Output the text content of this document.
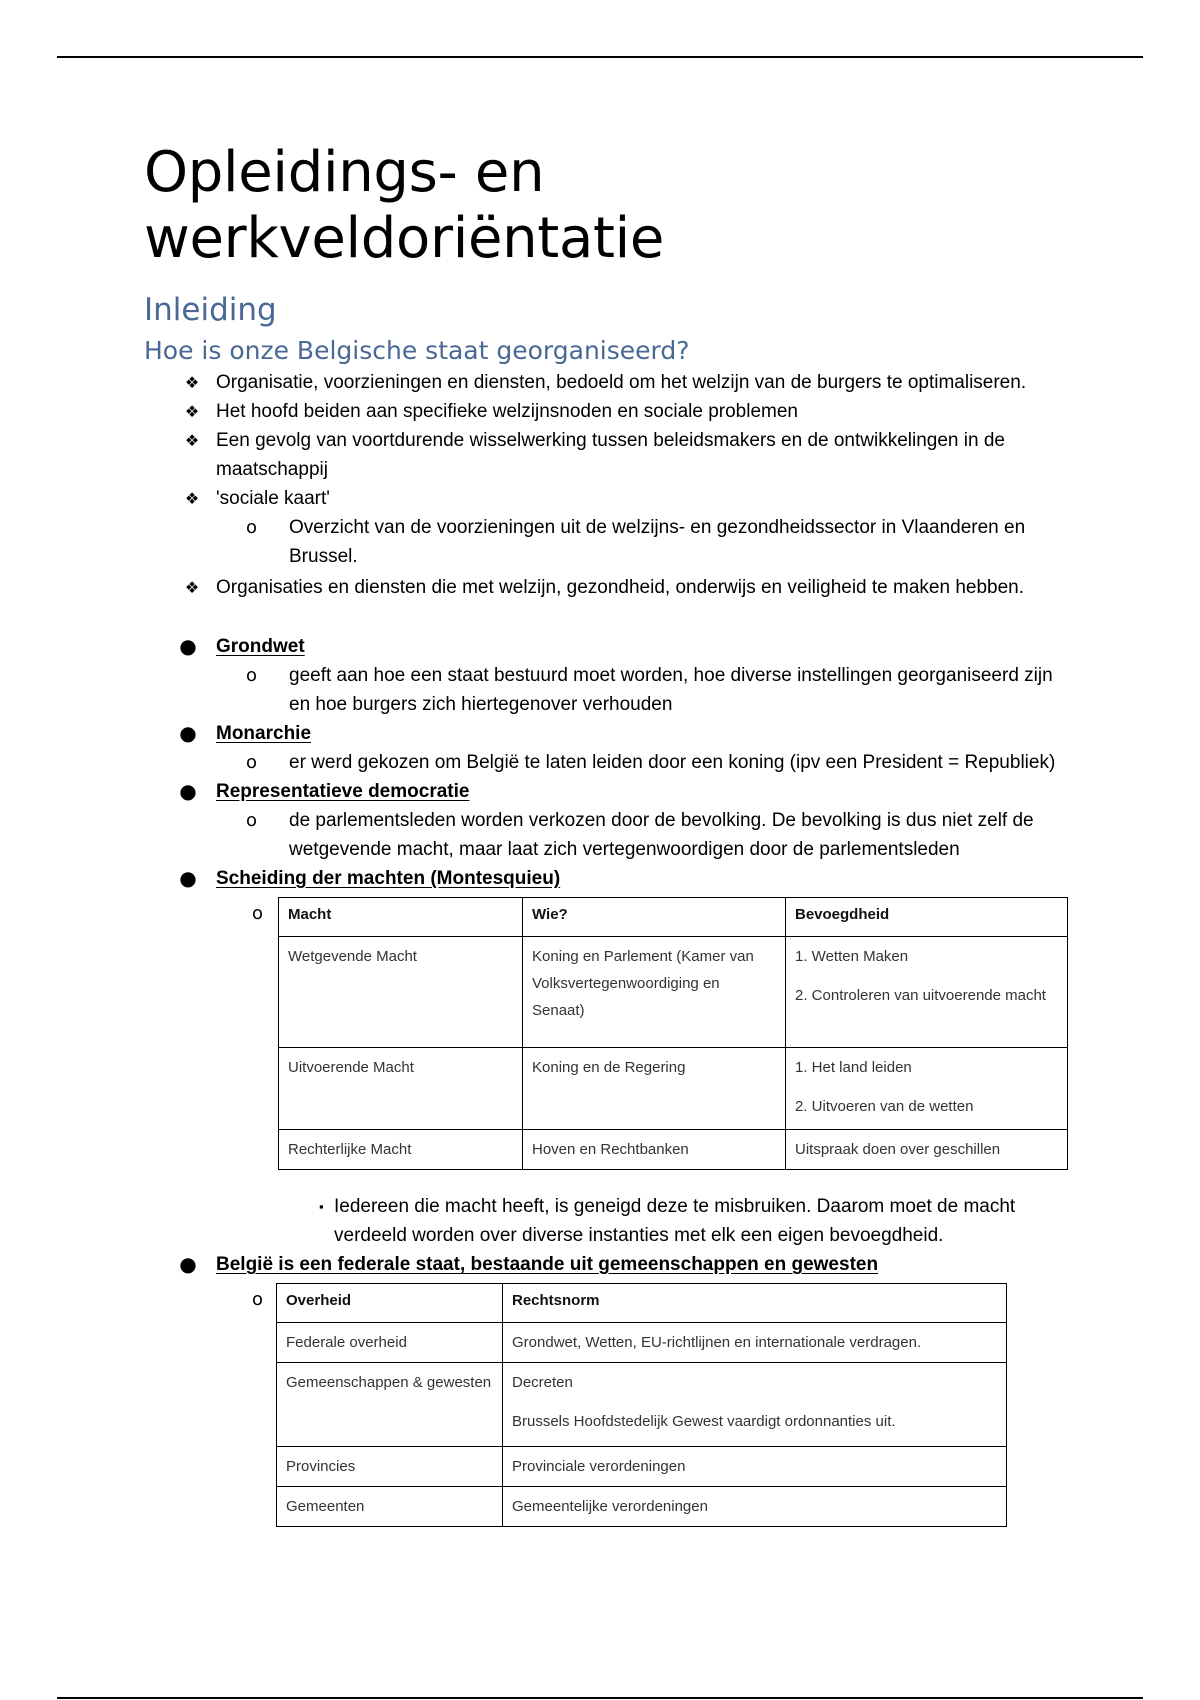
Opleidings- en
werkveldoriëntatie
Inleiding
Hoe is onze Belgische staat georganiseerd?
❖ Organisatie, voorzieningen en diensten, bedoeld om het welzijn van de burgers te optimaliseren.
❖ Het hoofd beiden aan specifieke welzijnsnoden en sociale problemen
❖ Een gevolg van voortdurende wisselwerking tussen beleidsmakers en de ontwikkelingen in de maatschappij
❖ 'sociale kaart'
o Overzicht van de voorzieningen uit de welzijns- en gezondheidssector in Vlaanderen en Brussel.
❖ Organisaties en diensten die met welzijn, gezondheid, onderwijs en veiligheid te maken hebben.
● Grondwet
o geeft aan hoe een staat bestuurd moet worden, hoe diverse instellingen georganiseerd zijn en hoe burgers zich hiertegenover verhouden
● Monarchie
o er werd gekozen om België te laten leiden door een koning (ipv een President = Republiek)
● Representatieve democratie
o de parlementsleden worden verkozen door de bevolking. De bevolking is dus niet zelf de wetgevende macht, maar laat zich vertegenwoordigen door de parlementsleden
● Scheiding der machten (Montesquieu)
o Macht	Wie?	Bevoegdheid
Wetgevende Macht	Koning en Parlement (Kamer van Volksvertegenwoordiging en Senaat)	1. Wetten Maken
2. Controleren van uitvoerende macht

Uitvoerende Macht	Koning en de Regering	1. Het land leiden
2. Uitvoeren van de wetten

Rechterlijke Macht	Hoven en Rechtbanken	Uitspraak doen over geschillen
▪ Iedereen die macht heeft, is geneigd deze te misbruiken. Daarom moet de macht verdeeld worden over diverse instanties met elk een eigen bevoegdheid.
● België is een federale staat, bestaande uit gemeenschappen en gewesten
o Overheid	Rechtsnorm
Federale overheid	Grondwet, Wetten, EU-richtlijnen en internationale verdragen.
Gemeenschappen & gewesten	Decreten
Brussels Hoofdstedelijk Gewest vaardigt ordonnanties uit.

Provincies	Provinciale verordeningen
Gemeenten	Gemeentelijke verordeningen
